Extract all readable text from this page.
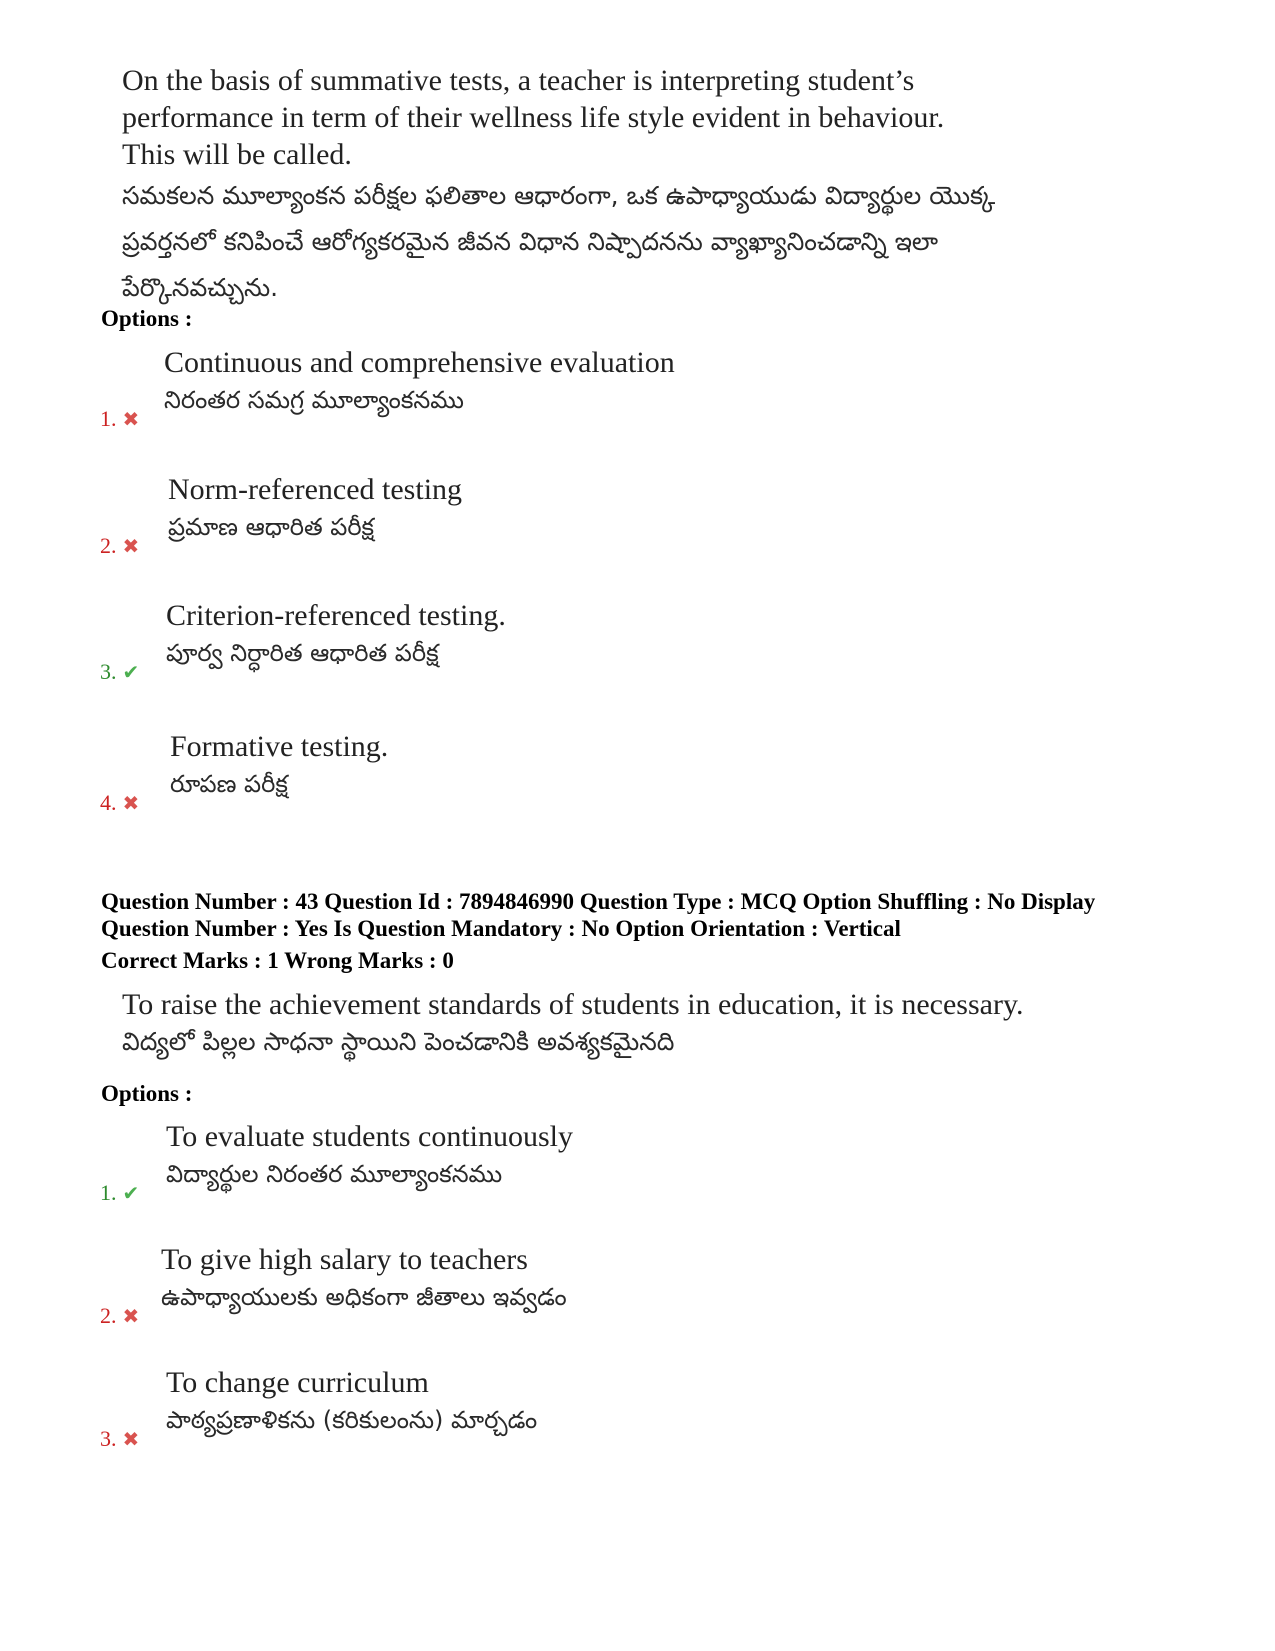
On the basis of summative tests, a teacher is interpreting student’s
performance in term of their wellness life style evident in behaviour.
This will be called.
సమకలన మూల్యాంకన పరీక్షల ఫలితాల ఆధారంగా, ఒక ఉపాధ్యాయుడు విద్యార్థుల యొక్క
ప్రవర్తనలో కనిపించే ఆరోగ్యకరమైన జీవన విధాన నిష్పాదనను వ్యాఖ్యానించడాన్ని ఇలా
పేర్కొనవచ్చును.
Options :
Continuous and comprehensive evaluation
నిరంతర సమగ్ర మూల్యాంకనము
1. ✖
Norm-referenced testing
ప్రమాణ ఆధారిత పరీక్ష
2. ✖
Criterion-referenced testing.
పూర్వ నిర్ధారిత ఆధారిత పరీక్ష
3. ✔
Formative testing.
రూపణ పరీక్ష
4. ✖
Question Number : 43 Question Id : 7894846990 Question Type : MCQ Option Shuffling : No Display
Question Number : Yes Is Question Mandatory : No Option Orientation : Vertical
Correct Marks : 1 Wrong Marks : 0
To raise the achievement standards of students in education, it is necessary.
విద్యలో పిల్లల సాధనా స్థాయిని పెంచడానికి అవశ్యకమైనది
Options :
To evaluate students continuously
విద్యార్థుల నిరంతర మూల్యాంకనము
1. ✔
To give high salary to teachers
ఉపాధ్యాయులకు అధికంగా జీతాలు ఇవ్వడం
2. ✖
To change curriculum
పాఠ్యప్రణాళికను (కరికులంను) మార్చడం
3. ✖
